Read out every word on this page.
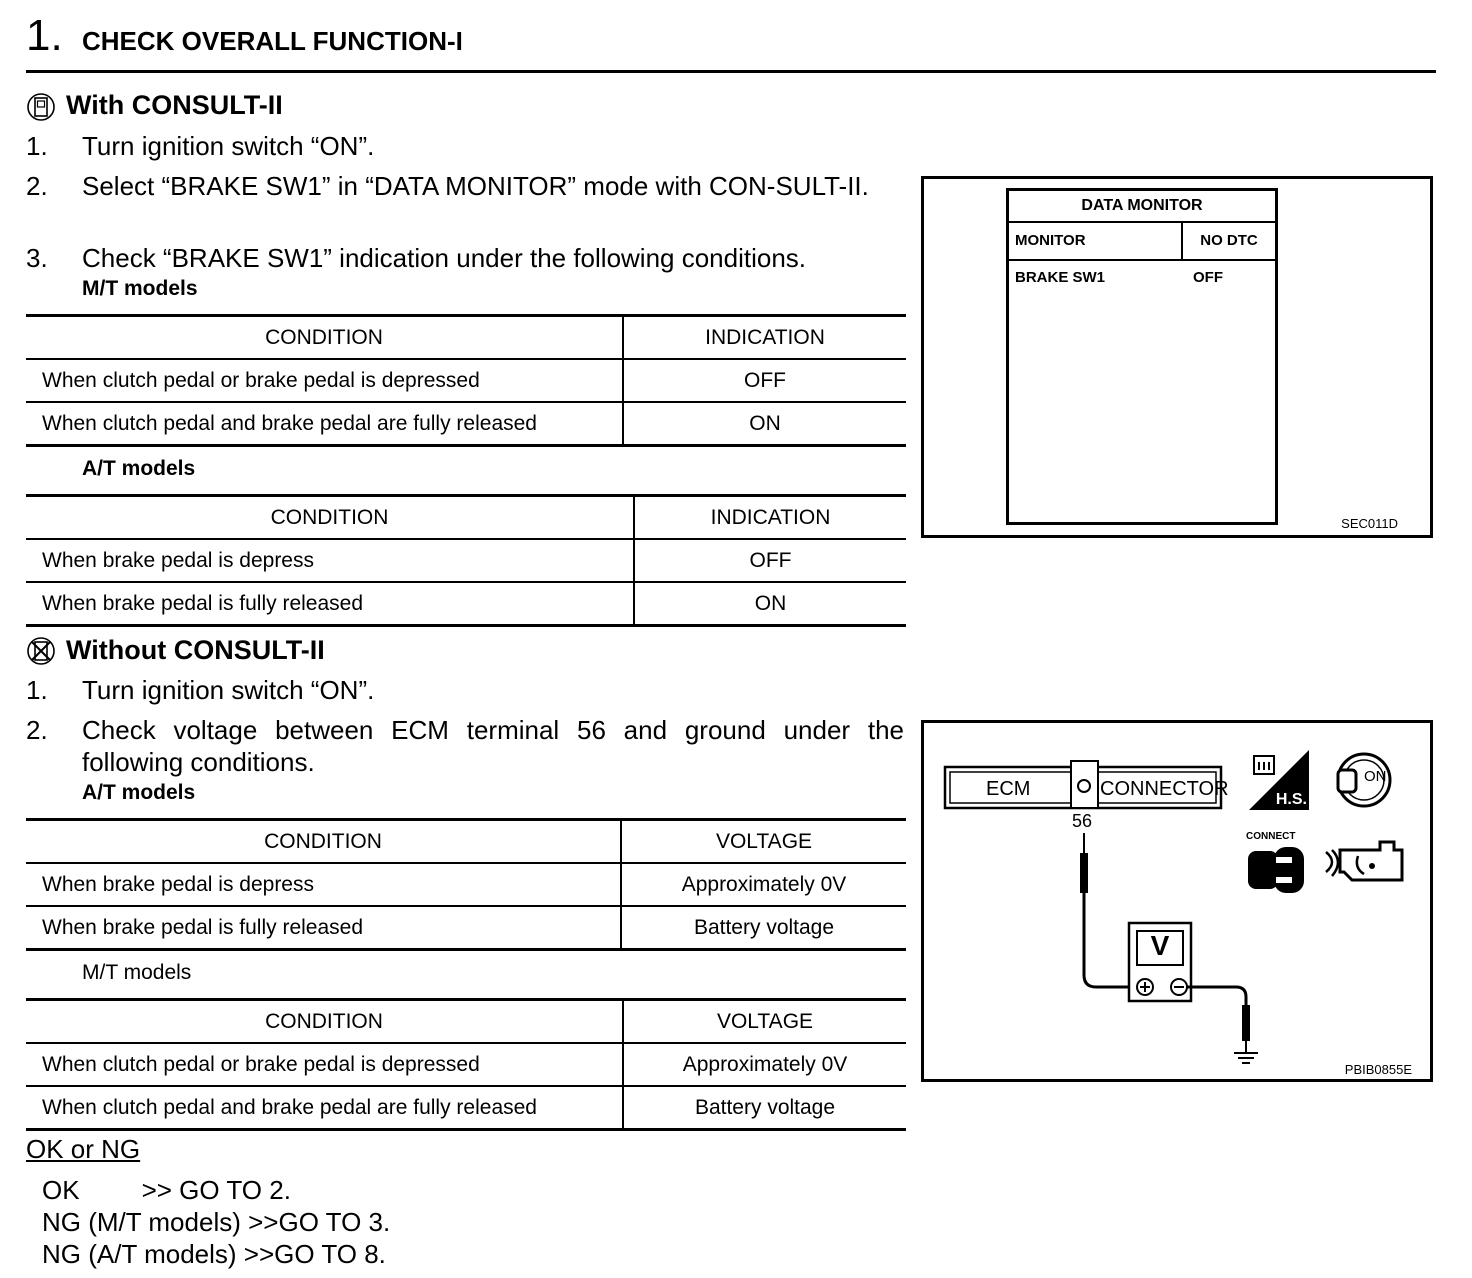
1. CHECK OVERALL FUNCTION-I
With CONSULT-II
1. Turn ignition switch “ON”.
2. Select “BRAKE SW1” in “DATA MONITOR” mode with CON-SULT-II.
3. Check “BRAKE SW1” indication under the following conditions.
M/T models
CONDITION	INDICATION
When clutch pedal or brake pedal is depressed	OFF
When clutch pedal and brake pedal are fully released	ON
A/T models
CONDITION	INDICATION
When brake pedal is depress	OFF
When brake pedal is fully released	ON
Without CONSULT-II
1. Turn ignition switch “ON”.
2. Check voltage between ECM terminal 56 and ground under the following conditions.
A/T models
CONDITION	VOLTAGE
When brake pedal is depress	Approximately 0V
When brake pedal is fully released	Battery voltage
M/T models
CONDITION	VOLTAGE
When clutch pedal or brake pedal is depressed	Approximately 0V
When clutch pedal and brake pedal are fully released	Battery voltage
OK or NG
OK >> GO TO 2.
NG (M/T models) >>GO TO 3.
NG (A/T models) >>GO TO 8.
DATA MONITOR
MONITOR	NO DTC
BRAKE SW1	OFF
SEC011D
ECM	CONNECTOR
56
V
H.S.
ON
CONNECT
PBIB0855E
